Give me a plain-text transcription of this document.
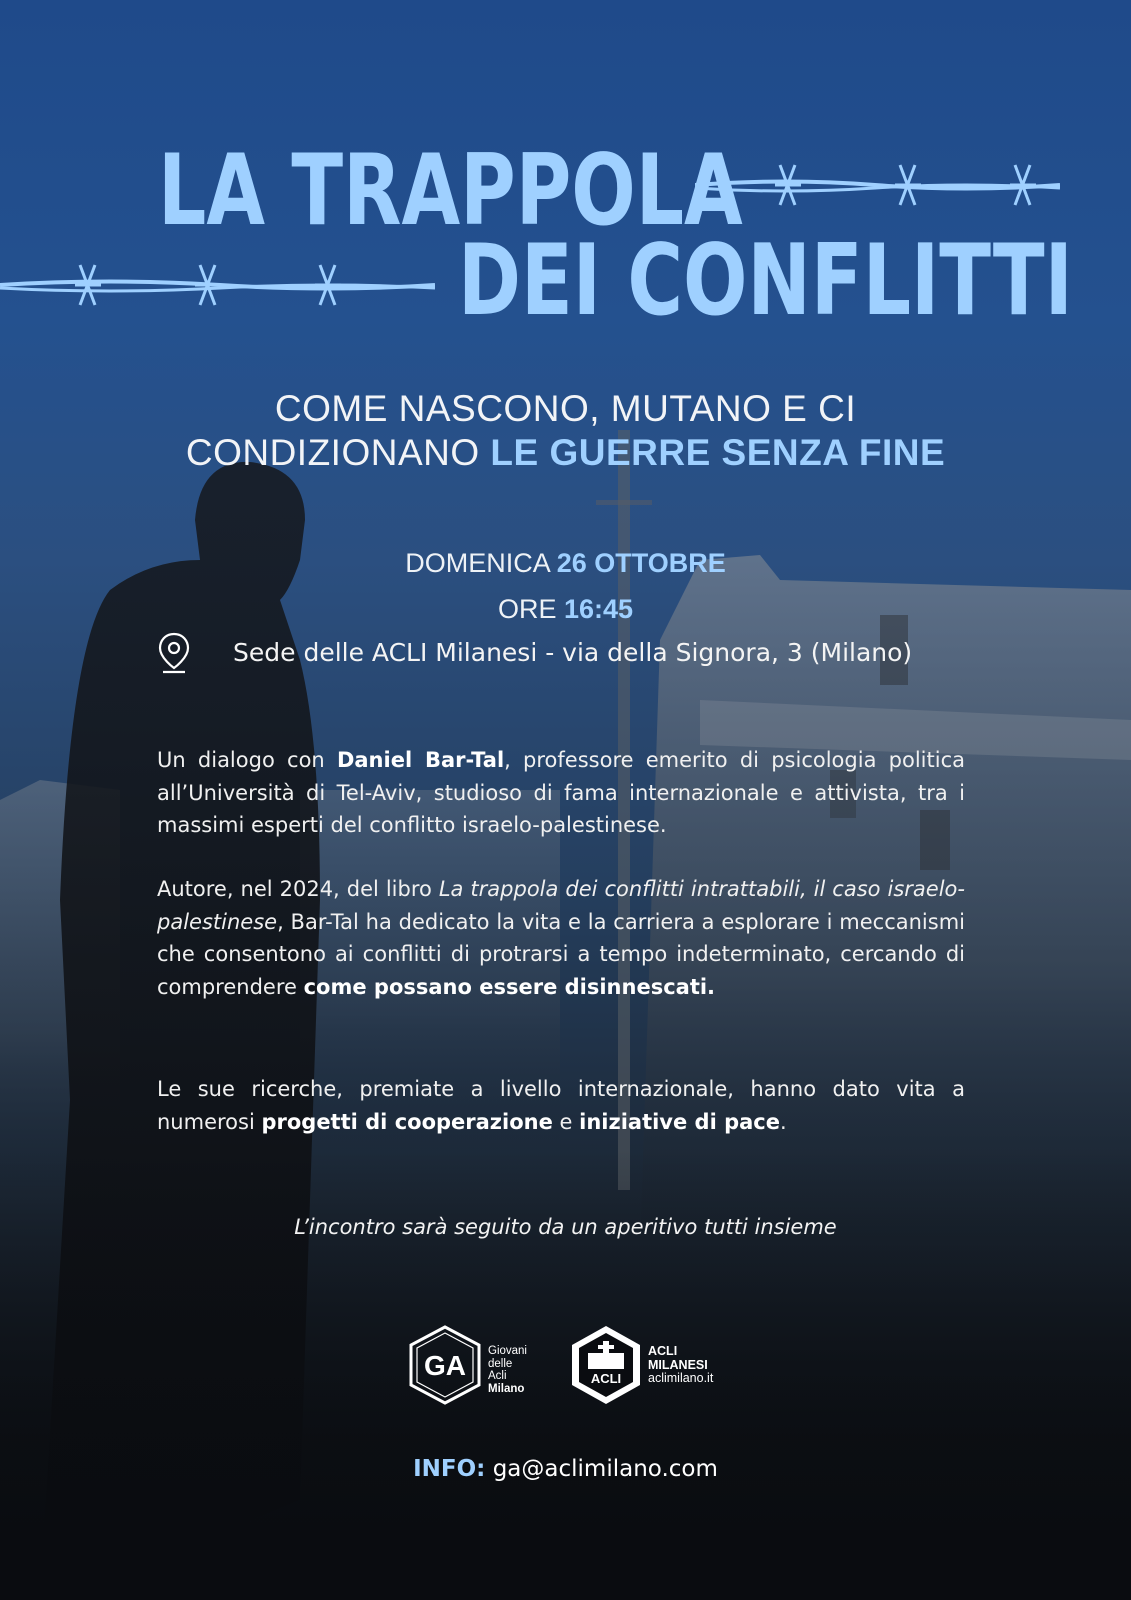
LA TRAPPOLA
DEI CONFLITTI
COME NASCONO, MUTANO E CI
CONDIZIONANO LE GUERRE SENZA FINE
DOMENICA 26 OTTOBRE
ORE 16:45
Sede delle ACLI Milanesi - via della Signora, 3 (Milano)
Un dialogo con Daniel Bar-Tal, professore emerito di psicologia politica all’Università di Tel-Aviv, studioso di fama internazionale e attivista, tra i massimi esperti del conflitto israelo-palestinese.
Autore, nel 2024, del libro La trappola dei conflitti intrattabili, il caso israelo-palestinese, Bar-Tal ha dedicato la vita e la carriera a esplorare i meccanismi che consentono ai conflitti di protrarsi a tempo indeterminato, cercando di comprendere come possano essere disinnescati.
Le sue ricerche, premiate a livello internazionale, hanno dato vita a numerosi progetti di cooperazione e iniziative di pace.
L’incontro sarà seguito da un aperitivo tutti insieme
GA Giovani
delle
Acli
Milano
ACLI
ACLI
MILANESI
aclimilano.it
INFO: ga@aclimilano.com
